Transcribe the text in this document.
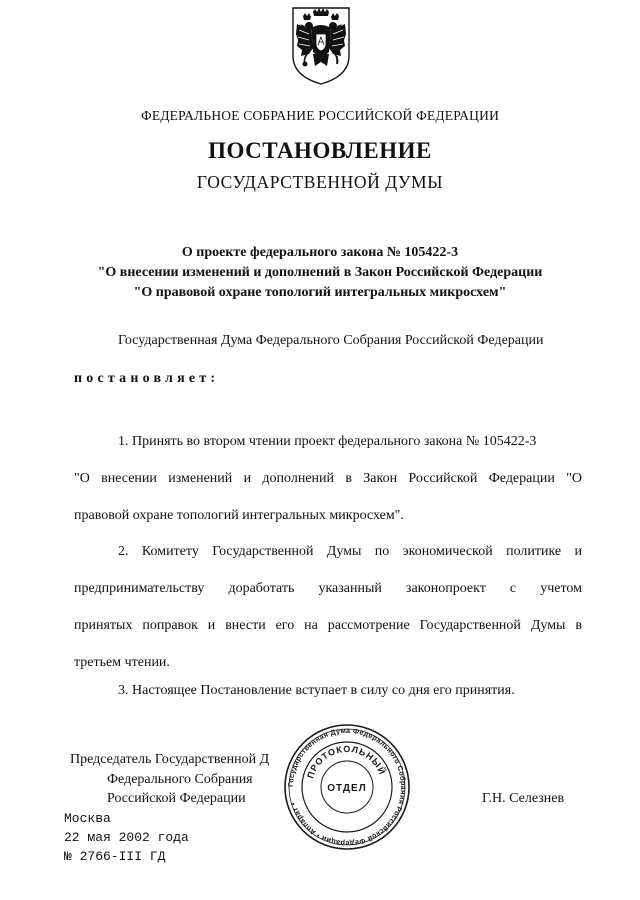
ФЕДЕРАЛЬНОЕ СОБРАНИЕ РОССИЙСКОЙ ФЕДЕРАЦИИ
ПОСТАНОВЛЕНИЕ
ГОСУДАРСТВЕННОЙ ДУМЫ
О проекте федерального закона № 105422-3
"О внесении изменений и дополнений в Закон Российской Федерации
"О правовой охране топологий интегральных микросхем"
Государственная Дума Федерального Собрания Российской Федерации
постановляет:
1. Принять во втором чтении проект федерального закона № 105422-3
"О внесении изменений и дополнений в Закон Российской Федерации "О
правовой охране топологий интегральных микросхем".
2. Комитету Государственной Думы по экономической политике и
предпринимательству доработать указанный законопроект с учетом
принятых поправок и внести его на рассмотрение Государственной Думы в
третьем чтении.
3. Настоящее Постановление вступает в силу со дня его принятия.
Председатель Государственной Д
Федерального Собрания
Российской Федерации	Г.Н. Селезнев
Москва
22 мая 2002 года
№ 2766-III ГД
Государственная Дума Федерального Собрания Российской Федерации • Аппарат •
ПРОТОКОЛЬНЫЙ
ОТДЕЛ
